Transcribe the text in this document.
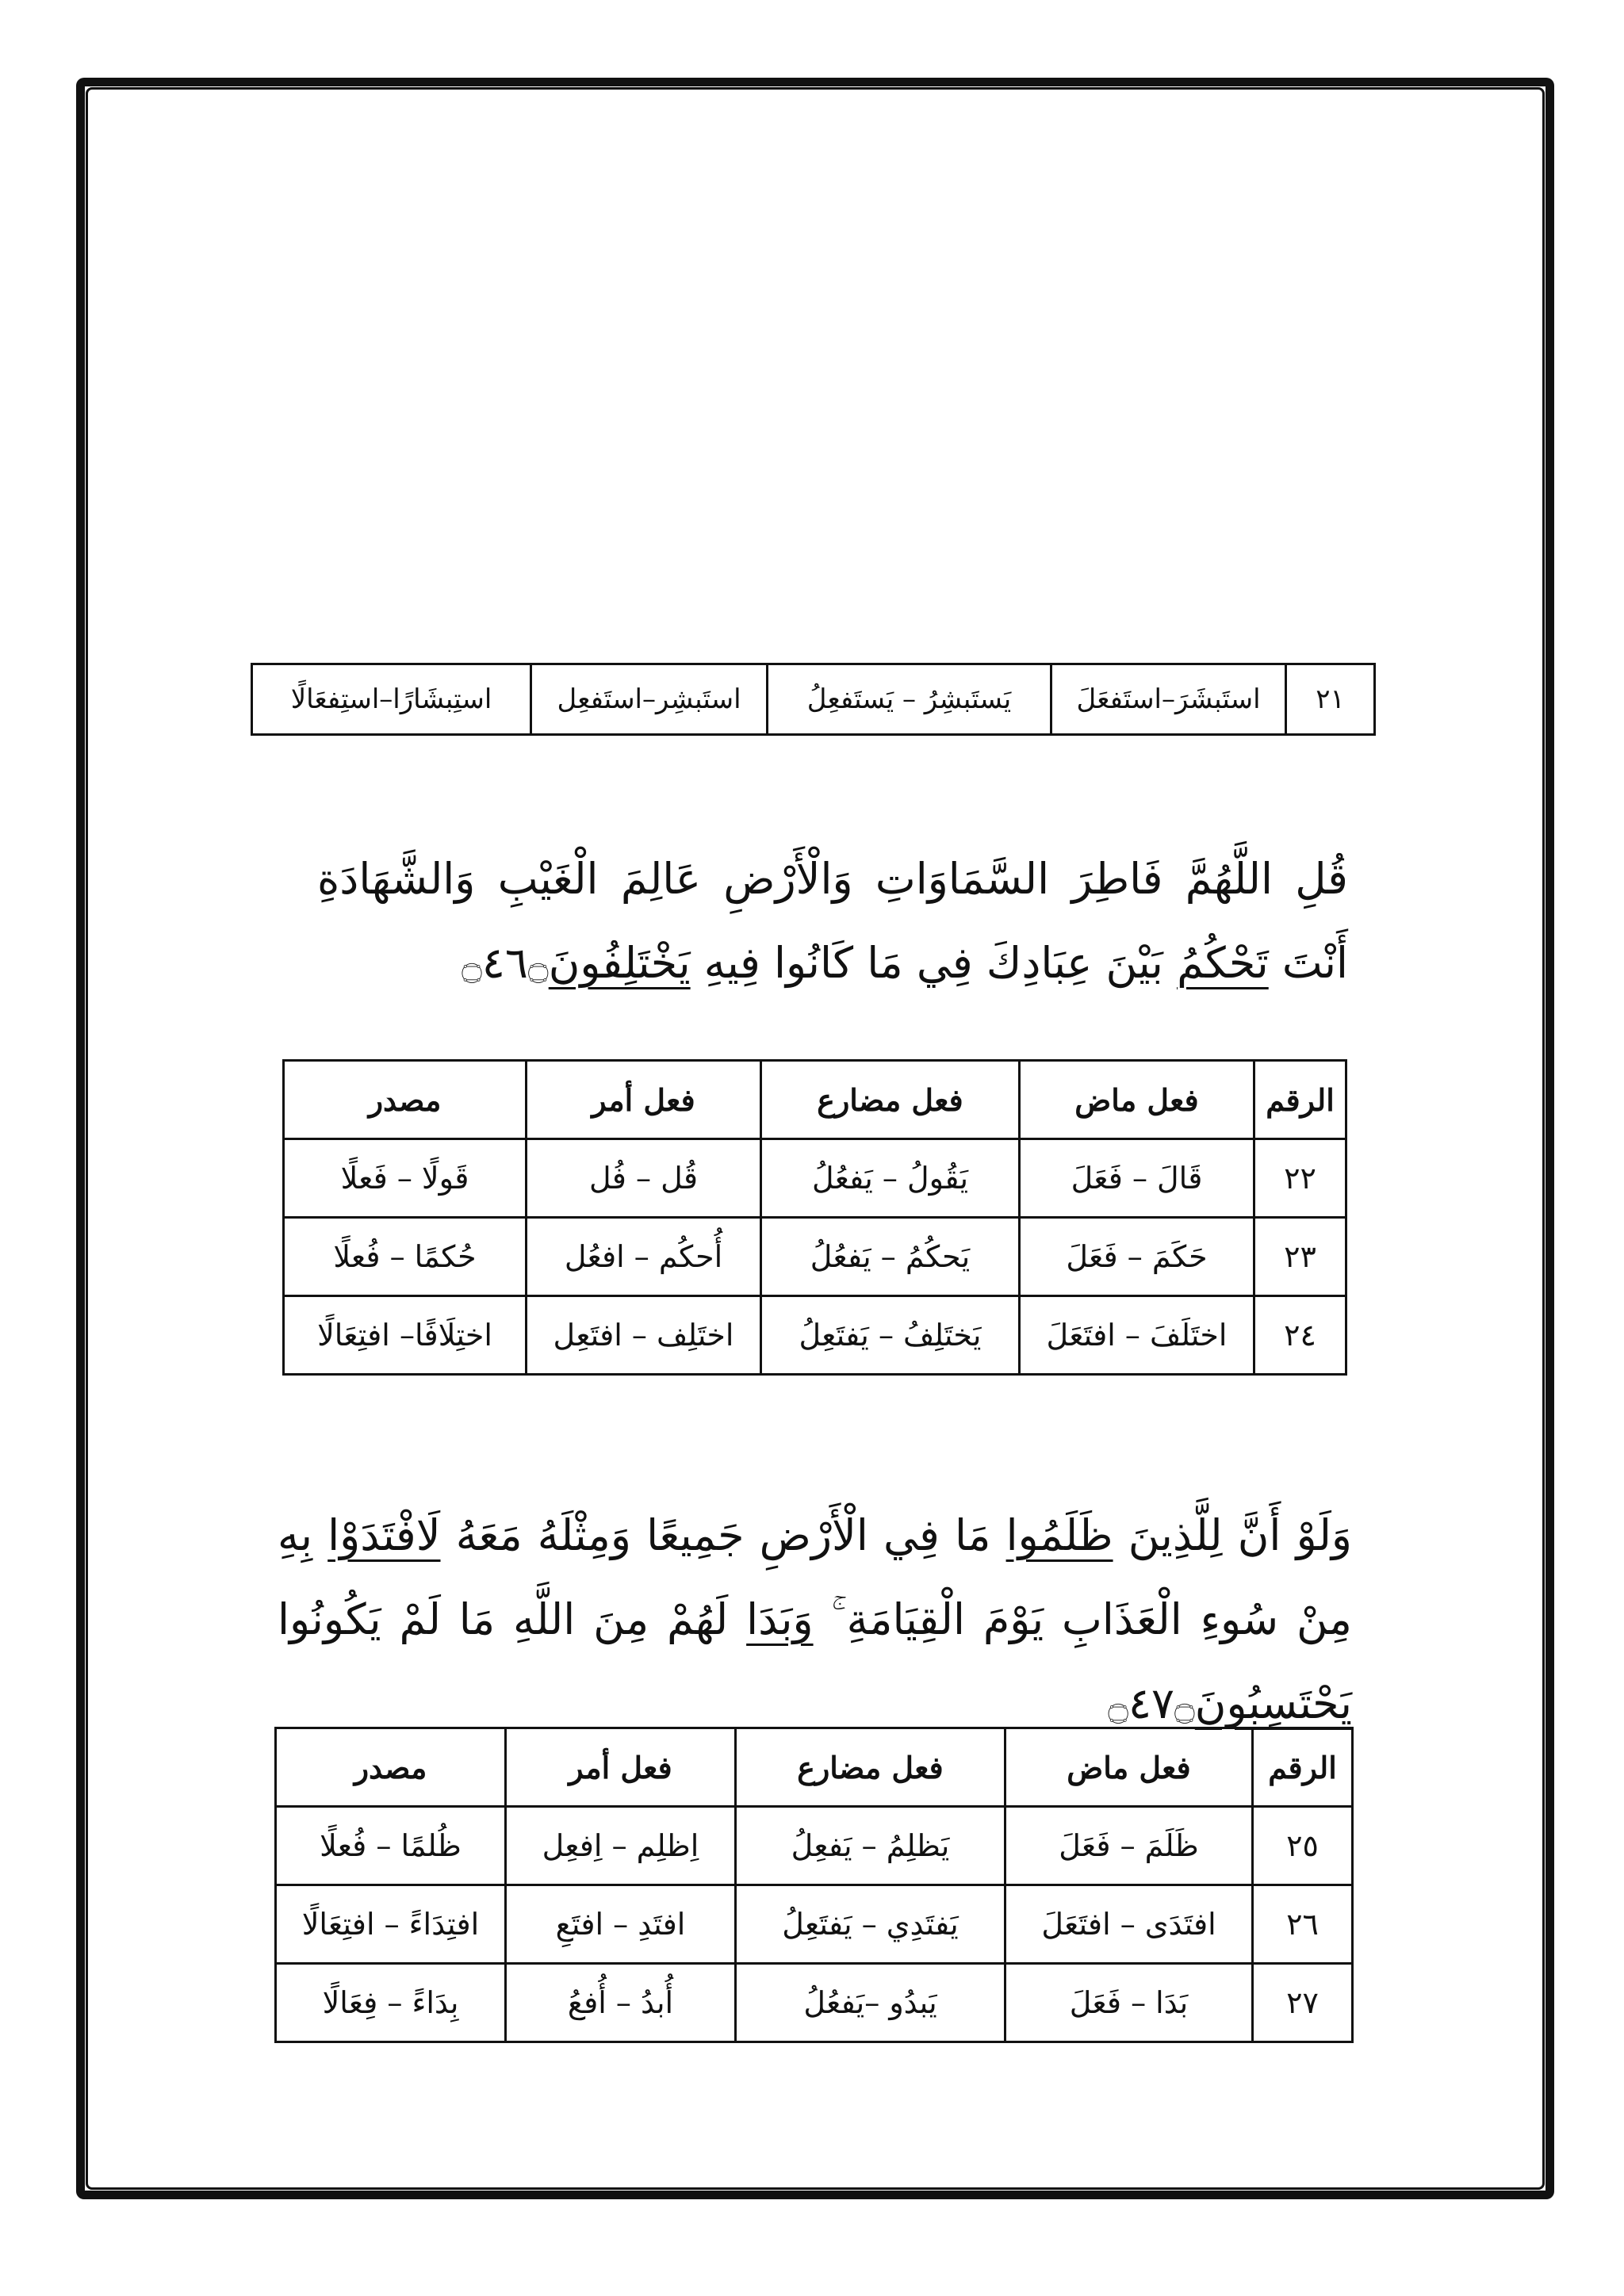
٢١	استَبشَرَ–استَفعَلَ	يَستَبشِرُ – يَستَفعِلُ	استَبشِر–استَفعِل	استِبشَارًا–استِفعَالًا

قُلِ اللَّهُمَّ فَاطِرَ السَّمَاوَاتِ وَالْأَرْضِ عَالِمَ الْغَيْبِ وَالشَّهَادَةِ أَنْتَ تَحْكُمُ بَيْنَ عِبَادِكَ فِي مَا كَانُوا فِيهِ يَخْتَلِفُونَ۝٤٦۝

الرقم	فعل ماض	فعل مضارع	فعل أمر	مصدر
٢٢	قَالَ – فَعَلَ	يَقُولُ – يَفعُلُ	قُل – فُل	قَولًا – فَعلًا
٢٣	حَكَمَ – فَعَلَ	يَحكُمُ – يَفعُلُ	أُحكُم – افعُل	حُكمًا – فُعلًا
٢٤	اختَلَفَ – افتَعَلَ	يَختَلِفُ – يَفتَعِلُ	اختَلِف – افتَعِل	اختِلَافًا– افتِعَالًا

وَلَوْ أَنَّ لِلَّذِينَ ظَلَمُوا مَا فِي الْأَرْضِ جَمِيعًا وَمِثْلَهُ مَعَهُ لَافْتَدَوْا بِهِ مِنْ سُوءِ الْعَذَابِ يَوْمَ الْقِيَامَةِ ۚ وَبَدَا لَهُمْ مِنَ اللَّهِ مَا لَمْ يَكُونُوا يَحْتَسِبُونَ۝٤٧۝

الرقم	فعل ماض	فعل مضارع	فعل أمر	مصدر
٢٥	ظَلَمَ – فَعَلَ	يَظلِمُ – يَفعِلُ	اِظلِم – اِفعِل	ظُلمًا – فُعلًا
٢٦	افتَدَى – افتَعَلَ	يَفتَدِي – يَفتَعِلُ	افتَدِ – افتَعِ	افتِدَاءً – افتِعَالًا
٢٧	بَدَا – فَعَلَ	يَبدُو –يَفعُلُ	أُبدُ – أُفعُ	بِدَاءً – فِعَالًا
